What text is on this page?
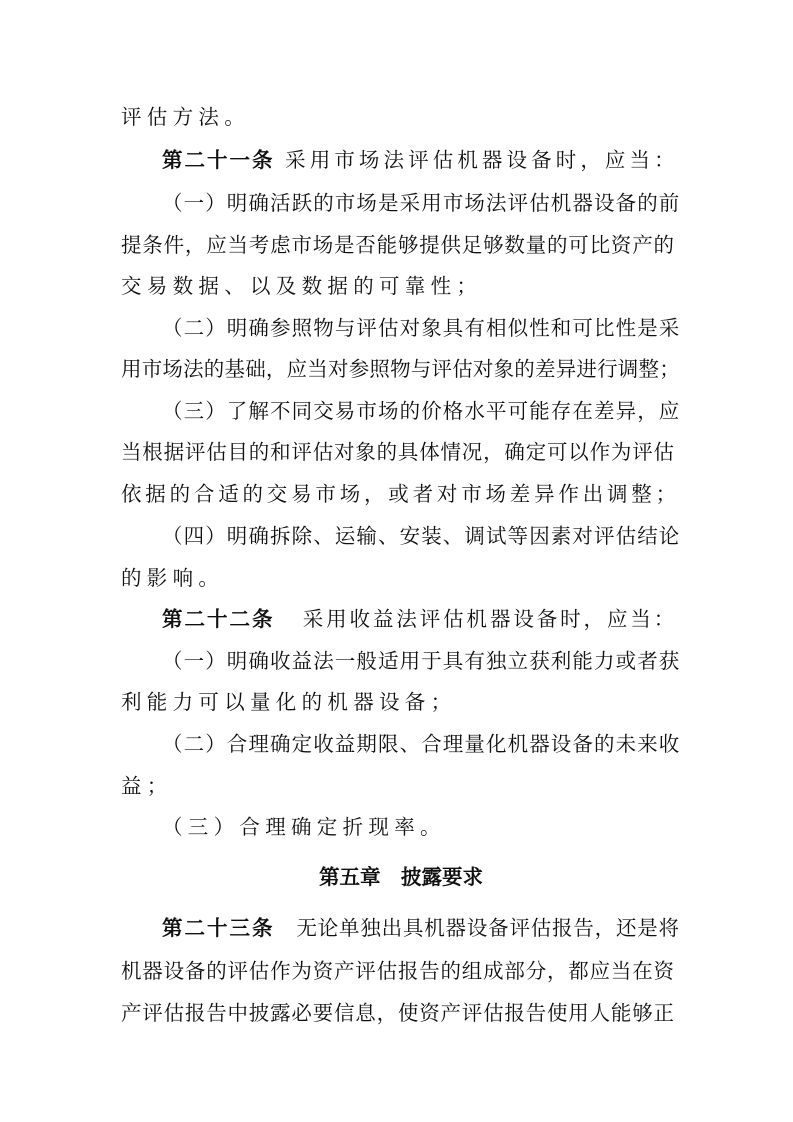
评估方法。
第二十一条 采用市场法评估机器设备时，应当：
（一）明确活跃的市场是采用市场法评估机器设备的前
提条件，应当考虑市场是否能够提供足够数量的可比资产的
交易数据、以及数据的可靠性；
（二）明确参照物与评估对象具有相似性和可比性是采
用市场法的基础，应当对参照物与评估对象的差异进行调整；
（三）了解不同交易市场的价格水平可能存在差异，应
当根据评估目的和评估对象的具体情况，确定可以作为评估
依据的合适的交易市场，或者对市场差异作出调整；
（四）明确拆除、运输、安装、调试等因素对评估结论
的影响。
第二十二条   采用收益法评估机器设备时，应当：
（一）明确收益法一般适用于具有独立获利能力或者获
利能力可以量化的机器设备；
（二）合理确定收益期限、合理量化机器设备的未来收
益；
（三）合理确定折现率。
第五章　披露要求
第二十三条   无论单独出具机器设备评估报告，还是将
机器设备的评估作为资产评估报告的组成部分，都应当在资
产评估报告中披露必要信息，使资产评估报告使用人能够正
